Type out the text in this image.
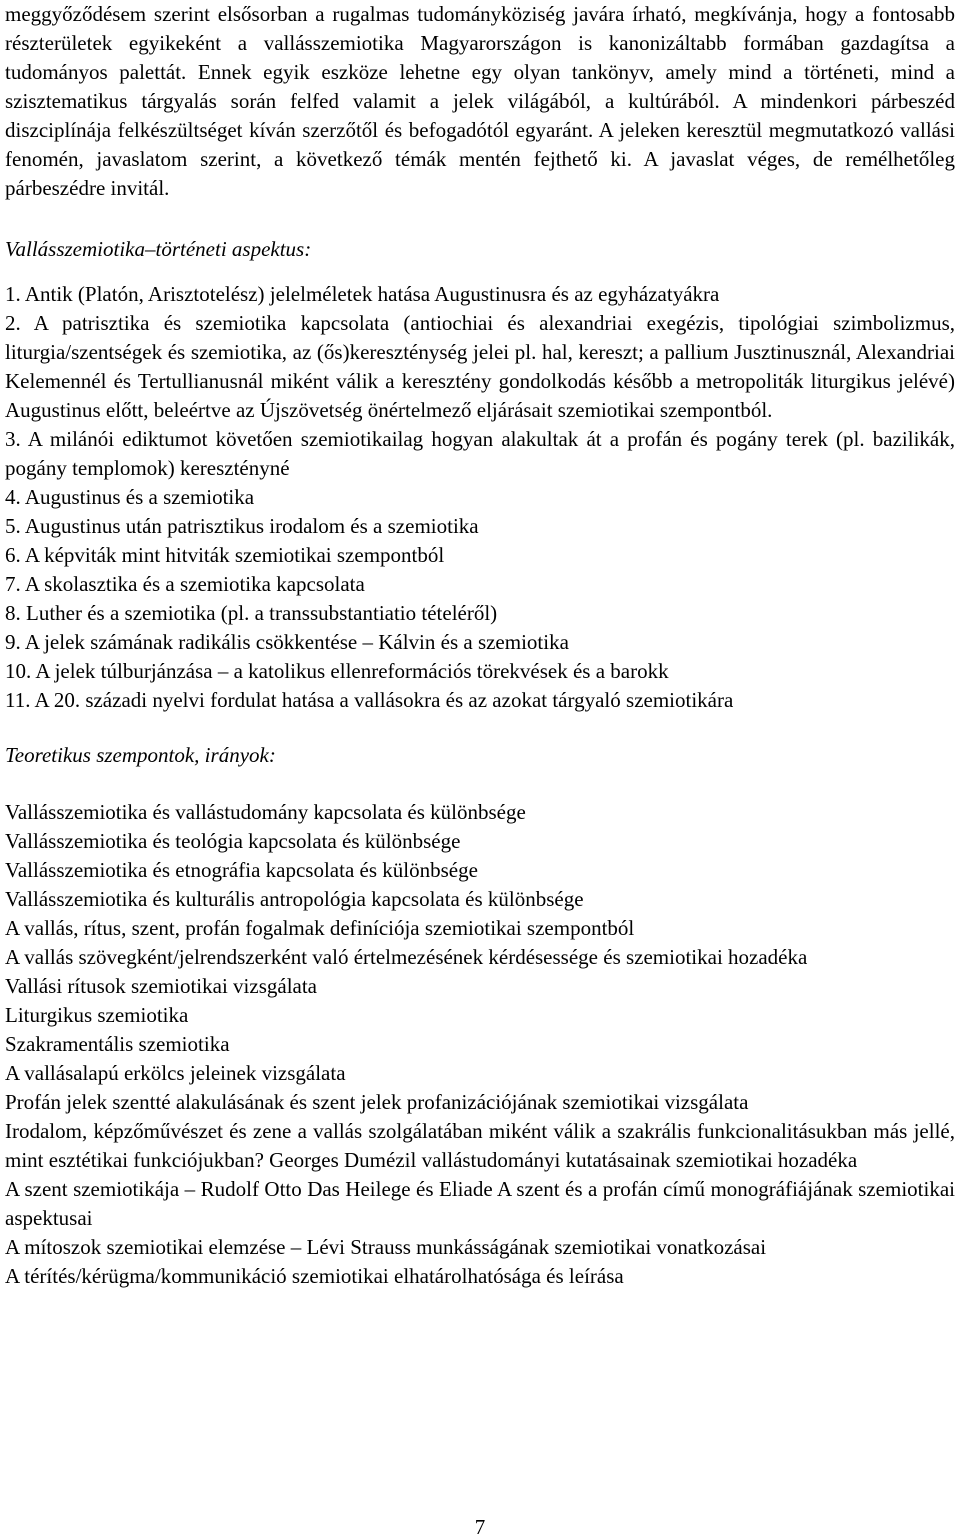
meggyőződésem szerint elsősorban a rugalmas tudományköziség javára írható, megkívánja, hogy a fontosabb részterületek egyikeként a vallásszemiotika Magyarországon is kanonizáltabb formában gazdagítsa a tudományos palettát. Ennek egyik eszköze lehetne egy olyan tankönyv, amely mind a történeti, mind a szisztematikus tárgyalás során felfed valamit a jelek világából, a kultúrából. A mindenkori párbeszéd diszciplínája felkészültséget kíván szerzőtől és befogadótól egyaránt. A jeleken keresztül megmutatkozó vallási fenomén, javaslatom szerint, a következő témák mentén fejthető ki. A javaslat véges, de remélhetőleg párbeszédre invitál.

Vallásszemiotika–történeti aspektus:

1. Antik (Platón, Arisztotelész) jelelméletek hatása Augustinusra és az egyházatyákra

2. A patrisztika és szemiotika kapcsolata (antiochiai és alexandriai exegézis, tipológiai szimbolizmus, liturgia/szentségek és szemiotika, az (ős)kereszténység jelei pl. hal, kereszt; a pallium Jusztinusznál, Alexandriai Kelemennél és Tertullianusnál miként válik a keresztény gondolkodás később a metropoliták liturgikus jelévé) Augustinus előtt, beleértve az Újszövetség önértelmező eljárásait szemiotikai szempontból.

3. A milánói ediktumot követően szemiotikailag hogyan alakultak át a profán és pogány terek (pl. bazilikák, pogány templomok) keresztényné

4. Augustinus és a szemiotika

5. Augustinus után patrisztikus irodalom és a szemiotika

6. A képviták mint hitviták szemiotikai szempontból

7. A skolasztika és a szemiotika kapcsolata

8. Luther és a szemiotika (pl. a transsubstantiatio tételéről)

9. A jelek számának radikális csökkentése – Kálvin és a szemiotika

10. A jelek túlburjánzása – a katolikus ellenreformációs törekvések és a barokk

11. A 20. századi nyelvi fordulat hatása a vallásokra és az azokat tárgyaló szemiotikára

Teoretikus szempontok, irányok:

Vallásszemiotika és vallástudomány kapcsolata és különbsége

Vallásszemiotika és teológia kapcsolata és különbsége

Vallásszemiotika és etnográfia kapcsolata és különbsége

Vallásszemiotika és kulturális antropológia kapcsolata és különbsége

A vallás, rítus, szent, profán fogalmak definíciója szemiotikai szempontból

A vallás szövegként/jelrendszerként való értelmezésének kérdésessége és szemiotikai hozadéka

Vallási rítusok szemiotikai vizsgálata

Liturgikus szemiotika

Szakramentális szemiotika

A vallásalapú erkölcs jeleinek vizsgálata

Profán jelek szentté alakulásának és szent jelek profanizációjának szemiotikai vizsgálata

Irodalom, képzőművészet és zene a vallás szolgálatában miként válik a szakrális funkcionalitásukban más jellé, mint esztétikai funkciójukban? Georges Dumézil vallástudományi kutatásainak szemiotikai hozadéka

A szent szemiotikája – Rudolf Otto Das Heilege és Eliade A szent és a profán című monográfiájának szemiotikai aspektusai

A mítoszok szemiotikai elemzése – Lévi Strauss munkásságának szemiotikai vonatkozásai

A térítés/kérügma/kommunikáció szemiotikai elhatárolhatósága és leírása

7
